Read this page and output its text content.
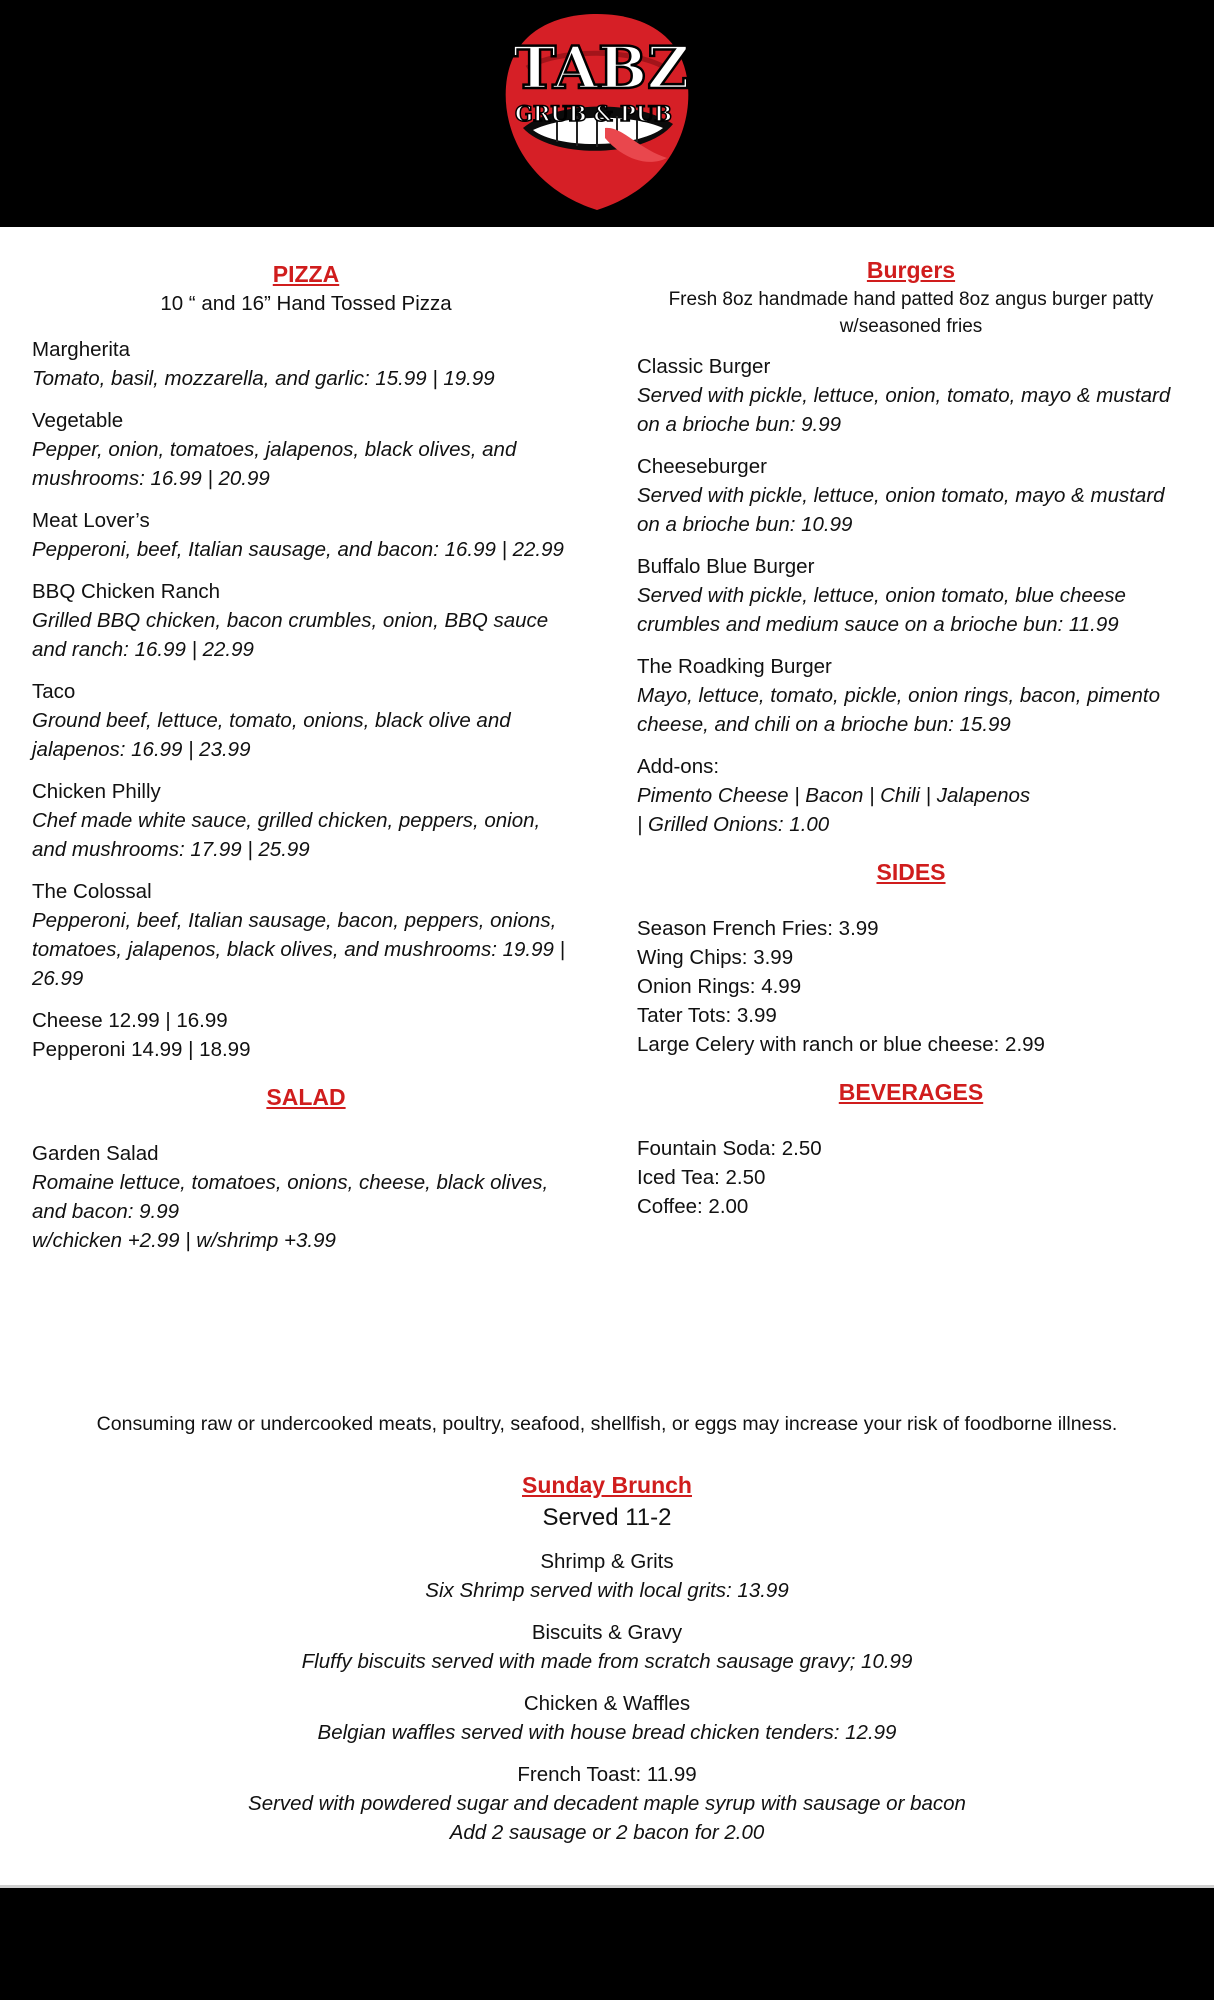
TABZ
GRUB & PUB
PIZZA
10 “ and 16” Hand Tossed Pizza
Margherita
Tomato, basil, mozzarella, and garlic: 15.99 | 19.99
Vegetable
Pepper, onion, tomatoes, jalapenos, black olives, and mushrooms: 16.99 | 20.99
Meat Lover’s
Pepperoni, beef, Italian sausage, and bacon: 16.99 | 22.99
BBQ Chicken Ranch
Grilled BBQ chicken, bacon crumbles, onion, BBQ sauce and ranch: 16.99 | 22.99
Taco
Ground beef, lettuce, tomato, onions, black olive and jalapenos: 16.99 | 23.99
Chicken Philly
Chef made white sauce, grilled chicken, peppers, onion, and mushrooms: 17.99 | 25.99
The Colossal
Pepperoni, beef, Italian sausage, bacon, peppers, onions, tomatoes, jalapenos, black olives, and mushrooms: 19.99 | 26.99
Cheese 12.99 | 16.99
Pepperoni 14.99 | 18.99
SALAD
Garden Salad
Romaine lettuce, tomatoes, onions, cheese, black olives, and bacon: 9.99
w/chicken +2.99 | w/shrimp +3.99
Burgers
Fresh 8oz handmade hand patted 8oz angus burger patty w/seasoned fries
Classic Burger
Served with pickle, lettuce, onion, tomato, mayo & mustard on a brioche bun: 9.99
Cheeseburger
Served with pickle, lettuce, onion tomato, mayo & mustard on a brioche bun: 10.99
Buffalo Blue Burger
Served with pickle, lettuce, onion tomato, blue cheese crumbles and medium sauce on a brioche bun: 11.99
The Roadking Burger
Mayo, lettuce, tomato, pickle, onion rings, bacon, pimento cheese, and chili on a brioche bun: 15.99
Add-ons:
Pimento Cheese | Bacon | Chili | Jalapenos | Grilled Onions: 1.00
SIDES
Season French Fries: 3.99
Wing Chips: 3.99
Onion Rings: 4.99
Tater Tots: 3.99
Large Celery with ranch or blue cheese: 2.99
BEVERAGES
Fountain Soda: 2.50
Iced Tea: 2.50
Coffee: 2.00
Consuming raw or undercooked meats, poultry, seafood, shellfish, or eggs may increase your risk of foodborne illness.
Sunday Brunch
Served 11-2
Shrimp & Grits
Six Shrimp served with local grits: 13.99
Biscuits & Gravy
Fluffy biscuits served with made from scratch sausage gravy; 10.99
Chicken & Waffles
Belgian waffles served with house bread chicken tenders: 12.99
French Toast: 11.99
Served with powdered sugar and decadent maple syrup with sausage or bacon
Add 2 sausage or 2 bacon for 2.00
